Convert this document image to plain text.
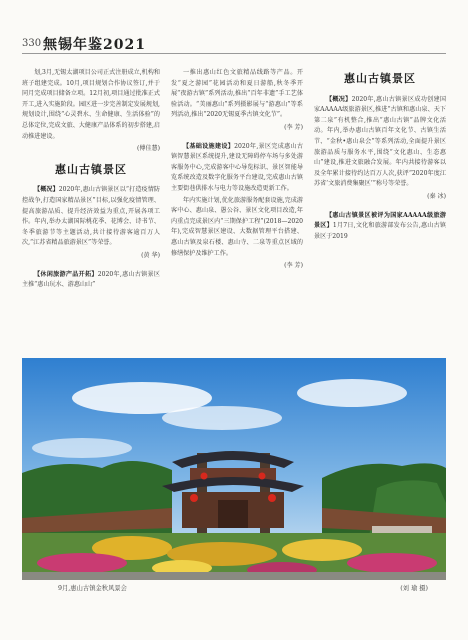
330 無锡年鉴2021

划,3月,无锡太湖项目公司正式注册成立,机构和班子组建完成。10月,项目规划合作协议签订,并于同月完成项目储备立项。12月初,项目通过批准正式开工,进入实施阶段。园区进一步完善制定发展规划,规划设计,围绕“心灵碧水、生命健康、生活体验”的总体定位,完成文旅、大健康产品体系的初步搭建,启动推进建设。

(傅佳慧)
惠山古镇景区

【概况】2020年,惠山古镇景区以“打造疫情防控战争,打造国家精品景区”目标,以强化疫情管理、提高旅游品质、提升经济效益为重点,开展各项工作。年内,举办太湖国际桃花季、花博会、诗书节、冬季旅游节等主题活动,共计接待游客逾百万人次,“江苏省精品旅游景区”等荣誉。

(黄 华)

【休闲旅游产品开拓】2020年,惠山古镇景区主推“惠山玩水、游惠山山”

一推出惠山红色文旅精品线路等产品。开发“夏之游园”花园活动和夏日游船,秋冬季开展“夜游古镇”系列活动,推出“百年非遗”手工艺体验活动。“美丽惠山”系列摄影展与“游惠山”等系列活动,推出“2020无锡夏季古镇文化节”。

(李 芳)

【基础设施建设】2020年,景区完成惠山古镇智慧景区系统提升,建设无障碍停车场与多处游客服务中心,完成游客中心导览标识、景区智能导览系统改造及数字化服务平台建设,完成惠山古镇主要街巷供排水与电力等设施改造更新工作。

年内实施计划,优化旅游服务配套设施,完成游客中心、惠山泉、愚公谷、景区文化项目改造,年内重点完成景区内“三期保护工程”(2018—2020年),完成智慧景区建设、大数据管理平台搭建、惠山古镇及泉石楼、惠山寺、二泉等重点区域的修缮保护及维护工作。

(李 芳)
惠山古镇景区

【概况】2020年,惠山古镇景区成功创建国家AAAAA级旅游景区,推进“古镇和惠山泉、天下第二泉”有机整合,推出“惠山古镇”品牌文化活动。年内,举办惠山古镇百年文化节、古镇生活节、“金秋•惠山泉会”等系列活动,全面提升景区旅游品质与服务水平,围绕“文化惠山、生态惠山”建设,推进文旅融合发展。年内共接待游客以及全年累计接待约达百万人次,获评“2020年度江苏省‘文旅消费集聚区’”称号等荣誉。

(秦 冰)

【惠山古镇景区被评为国家AAAAA级旅游景区】1月7日,文化和旅游部发布公告,惠山古镇景区于2019

9月,惠山古镇金秋风景会	(刘 瑜 摄)
